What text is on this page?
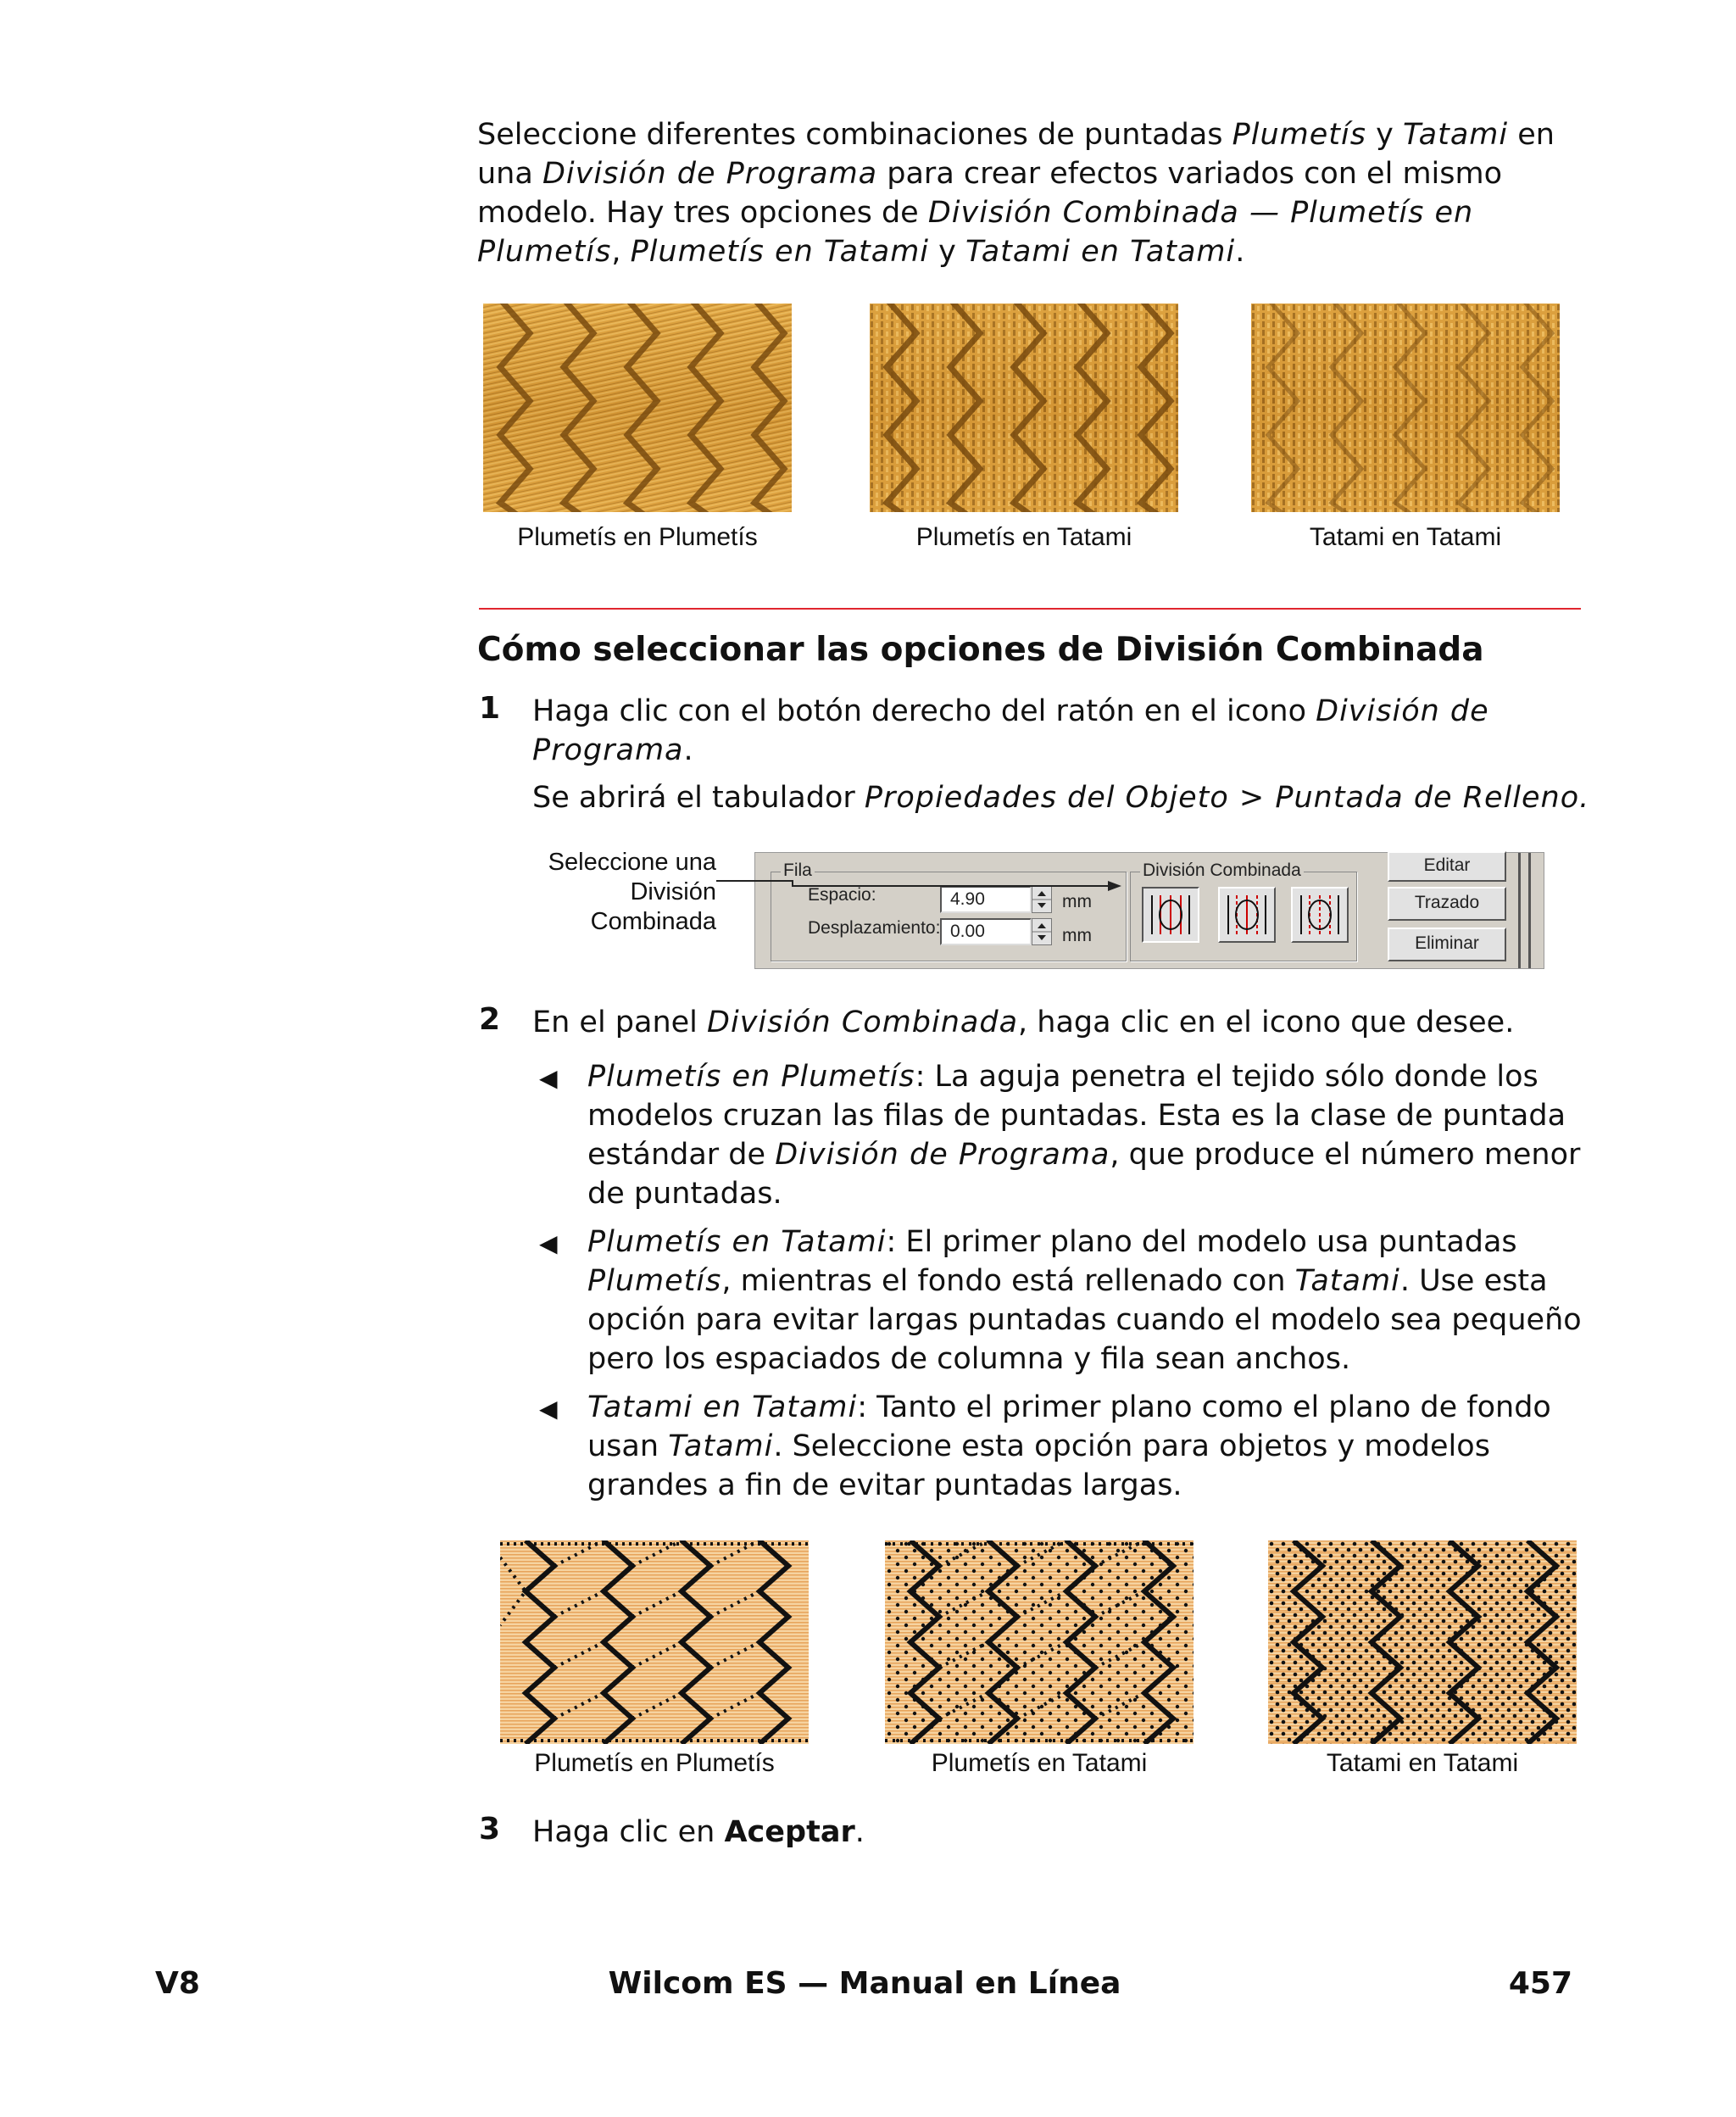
Seleccione diferentes combinaciones de puntadas Plumetís y Tatami en
una División de Programa para crear efectos variados con el mismo
modelo. Hay tres opciones de División Combinada — Plumetís en
Plumetís, Plumetís en Tatami y Tatami en Tatami.
Plumetís en Plumetís	Plumetís en Tatami	Tatami en Tatami
Cómo seleccionar las opciones de División Combinada
1 Haga clic con el botón derecho del ratón en el icono División de
Programa.
Se abrirá el tabulador Propiedades del Objeto > Puntada de Relleno.
Seleccione una
División
Combinada
Fila
Espacio:	4.90	mm
Desplazamiento: 0.00	mm
División Combinada	Editar
Trazado
Eliminar
2 En el panel División Combinada, haga clic en el icono que desee.
◀ Plumetís en Plumetís: La aguja penetra el tejido sólo donde los
modelos cruzan las filas de puntadas. Esta es la clase de puntada
estándar de División de Programa, que produce el número menor
de puntadas.
◀ Plumetís en Tatami: El primer plano del modelo usa puntadas
Plumetís, mientras el fondo está rellenado con Tatami. Use esta
opción para evitar largas puntadas cuando el modelo sea pequeño
pero los espaciados de columna y fila sean anchos.
◀ Tatami en Tatami: Tanto el primer plano como el plano de fondo
usan Tatami. Seleccione esta opción para objetos y modelos
grandes a fin de evitar puntadas largas.
Plumetís en Plumetís	Plumetís en Tatami	Tatami en Tatami
3 Haga clic en Aceptar.
V8	Wilcom ES — Manual en Línea	457
